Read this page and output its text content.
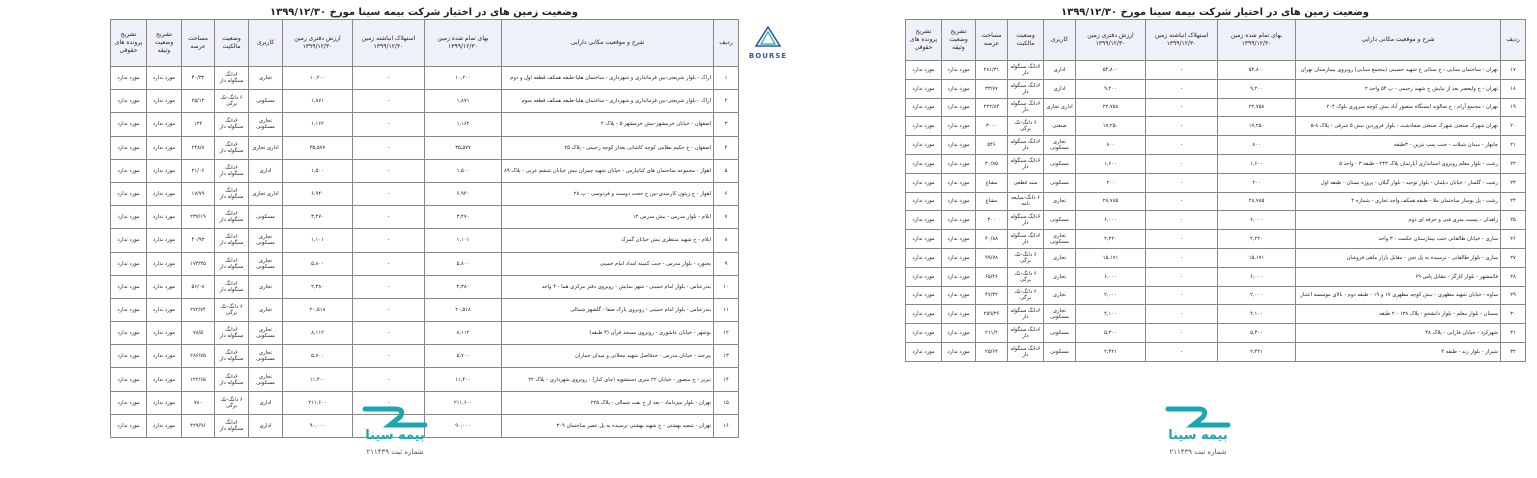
وضعیت زمین های در اختیار شرکت بیمه سینا مورخ ۱۳۹۹/۱۲/۳۰
ردیف	شرح و موقعیت مکانی دارایی	بهای تمام شده زمین ۱۳۹۹/۱۲/۳۰	استهلاک انباشته زمین ۱۳۹۹/۱۲/۳۰	ارزش دفتری زمین ۱۳۹۹/۱۲/۳۰	کاربری	وضعیت مالکیت	مساحت عرصه	تشریح وضعیت وثیقه	تشریح پرونده های حقوقی
۱	اراک - بلوار شریعتی-بین فرمانداری و شهرداری - ساختمان هلیا-طبقه همکف قطعه اول و دوم	۱۰,۲۰۰	-	۱۰,۲۰۰	تجاری	۶دانگ سنگوله دار	۳۰/۳۲	مورد ندارد	مورد ندارد
۲	اراک - بلوار شریعتی-بین فرمانداری و شهرداری - ساختمان هلیا-طبقه همکف قطعه سوم	۱,۸۷۱	-	۱,۸۷۱	مسکونی	۶ دانگ-تک برگی	۲۵/۱۲	مورد ندارد	مورد ندارد
۳	اصفهان - خیابان خرمشهر-نبش خرمشهر ۵ - پلاک ۲	۱,۱۶۲	-	۱,۱۶۲	تجاری مسکونی	۶دانگ سنگوله دار	۱۲۲	مورد ندارد	مورد ندارد
۴	اصفهان - خ حکیم نظامی کوچه کاشانی بعداز کوچه رحیمی - پلاک ۲۵	۳۵,۵۷۷	-	۳۵,۵۷۷	اداری تجاری	۶دانگ سنگوله دار	۲۴۸/۸	مورد ندارد	مورد ندارد
۵	اهواز - مجموعه ساختمان های کیانپارس - خیابان شهید چمران نبش خیابان ششم غربی - پلاک ۸۹	۱,۵۰۰	-	۱,۵۰۰	اداری	۶دانگ سنگوله دار	۲۱/۰۶	مورد ندارد	مورد ندارد
۶	اهواز - خ زیتون کارمندی-بین خ حجت دوست و فردوسی - پ ۲۸	۶,۹۴۰	-	۶,۹۴۰	اداری تجاری	۶دانگ سنگوله دار	۱۷/۷۹	مورد ندارد	مورد ندارد
۷	ایلام - بلوار مدرس - نبش مدرس ۱۲	۳,۴۷۰	-	۳,۴۷۰	مسکونی	۶دانگ سنگوله دار	۲۳۷/۱۹	مورد ندارد	مورد ندارد
۸	ایلام - خ شهید منتظری نبش خیابان گمرک	۱,۱۰۱	-	۱,۱۰۱	تجاری مسکونی	۶دانگ سنگوله دار	۴۰/۹۳	مورد ندارد	مورد ندارد
۹	بجنورد - بلوار مدرس - جنب کمیته امداد امام خمینی	۵,۸۰۰	-	۵,۸۰۰	تجاری مسکونی	۶دانگ سنگوله دار	۱۷۳/۳۵	مورد ندارد	مورد ندارد
۱۰	بندرعباس - بلوار امام خمینی - شهر نمایش - روبروی دفتر مرکزی هما - ۴ واحد	۲,۳۸۰	-	۲,۳۸۰	تجاری	۶دانگ سنگوله دار	۵۶/۰۸	مورد ندارد	مورد ندارد
۱۱	بندرعباس - بلوار امام خمینی - روبروی پارک صفا - گلشهر شمالی	۲۰,۵۱۸	-	۲۰,۵۱۸	تجاری	۶ دانگ-تک برگی	۲۷۲/۷۴	مورد ندارد	مورد ندارد
۱۲	بوشهر - خیابان عاشوری - روبروی مسجد قرآن (۴ طبقه)	۸,۱۱۲	-	۸,۱۱۲	تجاری مسکونی	۶دانگ سنگوله دار	۷۸/۵	مورد ندارد	مورد ندارد
۱۳	بیرجند - خیابان مدرس - حدفاصل شهید محلاتی و میدان جماران	۵,۷۰۰	-	۵,۷۰۰	تجاری مسکونی	۶دانگ سنگوله دار	۲۸۶/۷۵	مورد ندارد	مورد ندارد
۱۴	تبریز - خ منصور - خیابان ۲۲ متری دستشویه (چای کنار) - روبروی شهرداری - پلاک ۲۲	۱۱,۴۰۰	-	۱۱,۴۰۰	تجاری مسکونی	۶دانگ سنگوله دار	۱۲۲/۶۵	مورد ندارد	مورد ندارد
۱۵	تهران - بلوار میرداماد - بعد از خ نفت شمالی - پلاک ۲۲۵	۲۱۱,۶۰۰	-	۲۱۱,۶۰۰	اداری	۶ دانگ-تک برگی	۷۸۰	مورد ندارد	مورد ندارد
۱۶	تهران - شعبه بهشتی - خ شهید بهشتی نرسیده به پل عصر ساختمان ۳۰۹	۹۰,۰۰۰	-	۹۰,۰۰۰	اداری	۶دانگ سنگوله دار	۴۲۹/۹۶	مورد ندارد	مورد ندارد
وضعیت زمین های در اختیار شرکت بیمه سینا مورخ ۱۳۹۹/۱۲/۳۰
ردیف	شرح و موقعیت مکانی دارایی	بهای تمام شده زمین ۱۳۹۹/۱۲/۳۰	استهلاک انباشته زمین ۱۳۹۹/۱۲/۳۰	ارزش دفتری زمین ۱۳۹۹/۱۲/۳۰	کاربری	وضعیت مالکیت	مساحت عرصه	تشریح وضعیت وثیقه	تشریح پرونده های حقوقی
۱۷	تهران - ساختمان سنایی - خ سنائی خ شهید حسینی (مجتمع سنایی) روبروی بیمارستان تهران	۵۴,۸۰۰	-	۵۴,۸۰۰	اداری	۶دانگ سنگوله دار	۲۸۱/۳۱	مورد ندارد	مورد ندارد
۱۸	تهران - خ ولیعصر بعد از نیایش خ شهید رحیمی - پ ۵۴ واحد ۲	۹,۲۰۰	-	۹,۲۰۰	اداری	۶دانگ سنگوله دار	۳۳/۷۷	مورد ندارد	مورد ندارد
۱۹	تهران - مجتمع آرام - خ صالوند ایستگاه منصور آباد نبش کوچه سروری بلوک ۲۰۴	۲۲,۷۵۸	-	۲۲,۷۵۸	اداری تجاری	۶دانگ سنگوله دار	۲۲۲/۸۴	مورد ندارد	مورد ندارد
۲۰	تهران شهرک صنعتی شهرک صنعتی صفادشت - بلوار فروردین نبش ۵ شرقی - پلاک ۸-۵	۱۷,۲۵۰	-	۱۷,۲۵۰	صنعتی	۶ دانگ-تک برگی	۳۰۰۰	مورد ندارد	مورد ندارد
۲۱	چابهار - میدان شیلات - جنب پمپ بنزین - ۳طبقه	۸۰۰	-	۸۰۰	تجاری مسکونی	۶دانگ سنگوله دار	۵۴۶	مورد ندارد	مورد ندارد
۲۲	رشت - بلوار معلم روبروی استانداری آپارتمان پلاک ۲۴۳ - طبقه ۳ - واحد ۵	۱,۶۰۰	-	۱,۶۰۰	مسکونی	۶دانگ سنگوله دار	۳۰/۸۵	مورد ندارد	مورد ندارد
۲۳	رشت - گلسار - خیابان دیلمان - بلوار توحید - بلوار گیلان - پروژه بستان - طبقه اول	۲۰۰	-	۲۰۰	مسکونی	سند قطعی	مشاع	مورد ندارد	مورد ندارد
۲۴	رشت - پل بوسار ساختمان ملا - طبقه همکف واحد تجاری - شماره ۴	۲۸,۷۸۵	-	۲۸,۷۸۵	تجاری	۶ دانگ-مبایعه نامه	مشاع	مورد ندارد	مورد ندارد
۲۵	زاهدان - بیست متری فنی و حرفه ای دوم	۶,۰۰۰	-	۶,۰۰۰	مسکونی	۶دانگ سنگوله دار	۳۰۰	مورد ندارد	مورد ندارد
۲۶	ساری - خیابان طالقانی جنب بیمارستان حکمت - ۳ واحد	۲,۲۲۰	-	۲,۲۲۰	تجاری مسکونی	۶دانگ سنگوله دار	۴۰/۸۸	مورد ندارد	مورد ندارد
۲۷	ساری - بلوار طالقانی - نرسیده به پل تجن - مقابل بازار ماهی فروشان	۱۵,۱۷۱	-	۱۵,۱۷۱	تجاری	۶ دانگ-تک برگی	۹۹/۷۸	مورد ندارد	مورد ندارد
۲۸	قائمشهر - بلوار کارگر - مقابل پاس ۶۹	۶,۰۰۰	-	۶,۰۰۰	تجاری	۶ دانگ-تک برگی	۶۵/۲۶	مورد ندارد	مورد ندارد
۲۹	ساوه - خیابان شهید مطهری - نبش کوچه مطهری ۱۷ و ۱۹ - طبقه دوم - بالای موسسه اعتبار	۲,۰۰۰	-	۲,۰۰۰	تجاری	۶ دانگ-تک برگی	۴۷/۳۲	مورد ندارد	مورد ندارد
۳۰	سمنان - بلوار معلم - بلوار دانشجو - پلاک ۱۳۸ - ۲ طبقه	۴,۱۰۰	-	۴,۱۰۰	تجاری مسکونی	۶دانگ سنگوله دار	۲۵۹/۳۶	مورد ندارد	مورد ندارد
۳۱	شهرکرد - خیابان فارابی - پلاک ۴۸	۵,۳۰۰	-	۵,۳۰۰	مسکونی	۶دانگ سنگوله دار	۲۱۱/۲	مورد ندارد	مورد ندارد
۳۲	شیراز - بلوار زند - طبقه ۴	۲,۴۲۱	-	۲,۴۲۱	مسکونی	۶دانگ سنگوله دار	۲۵/۶۴	مورد ندارد	مورد ندارد
BOURSE
بیمه سینا
شماره ثبت ۲۱۱۴۳۹
بیمه سینا
شماره ثبت ۲۱۱۴۳۹
